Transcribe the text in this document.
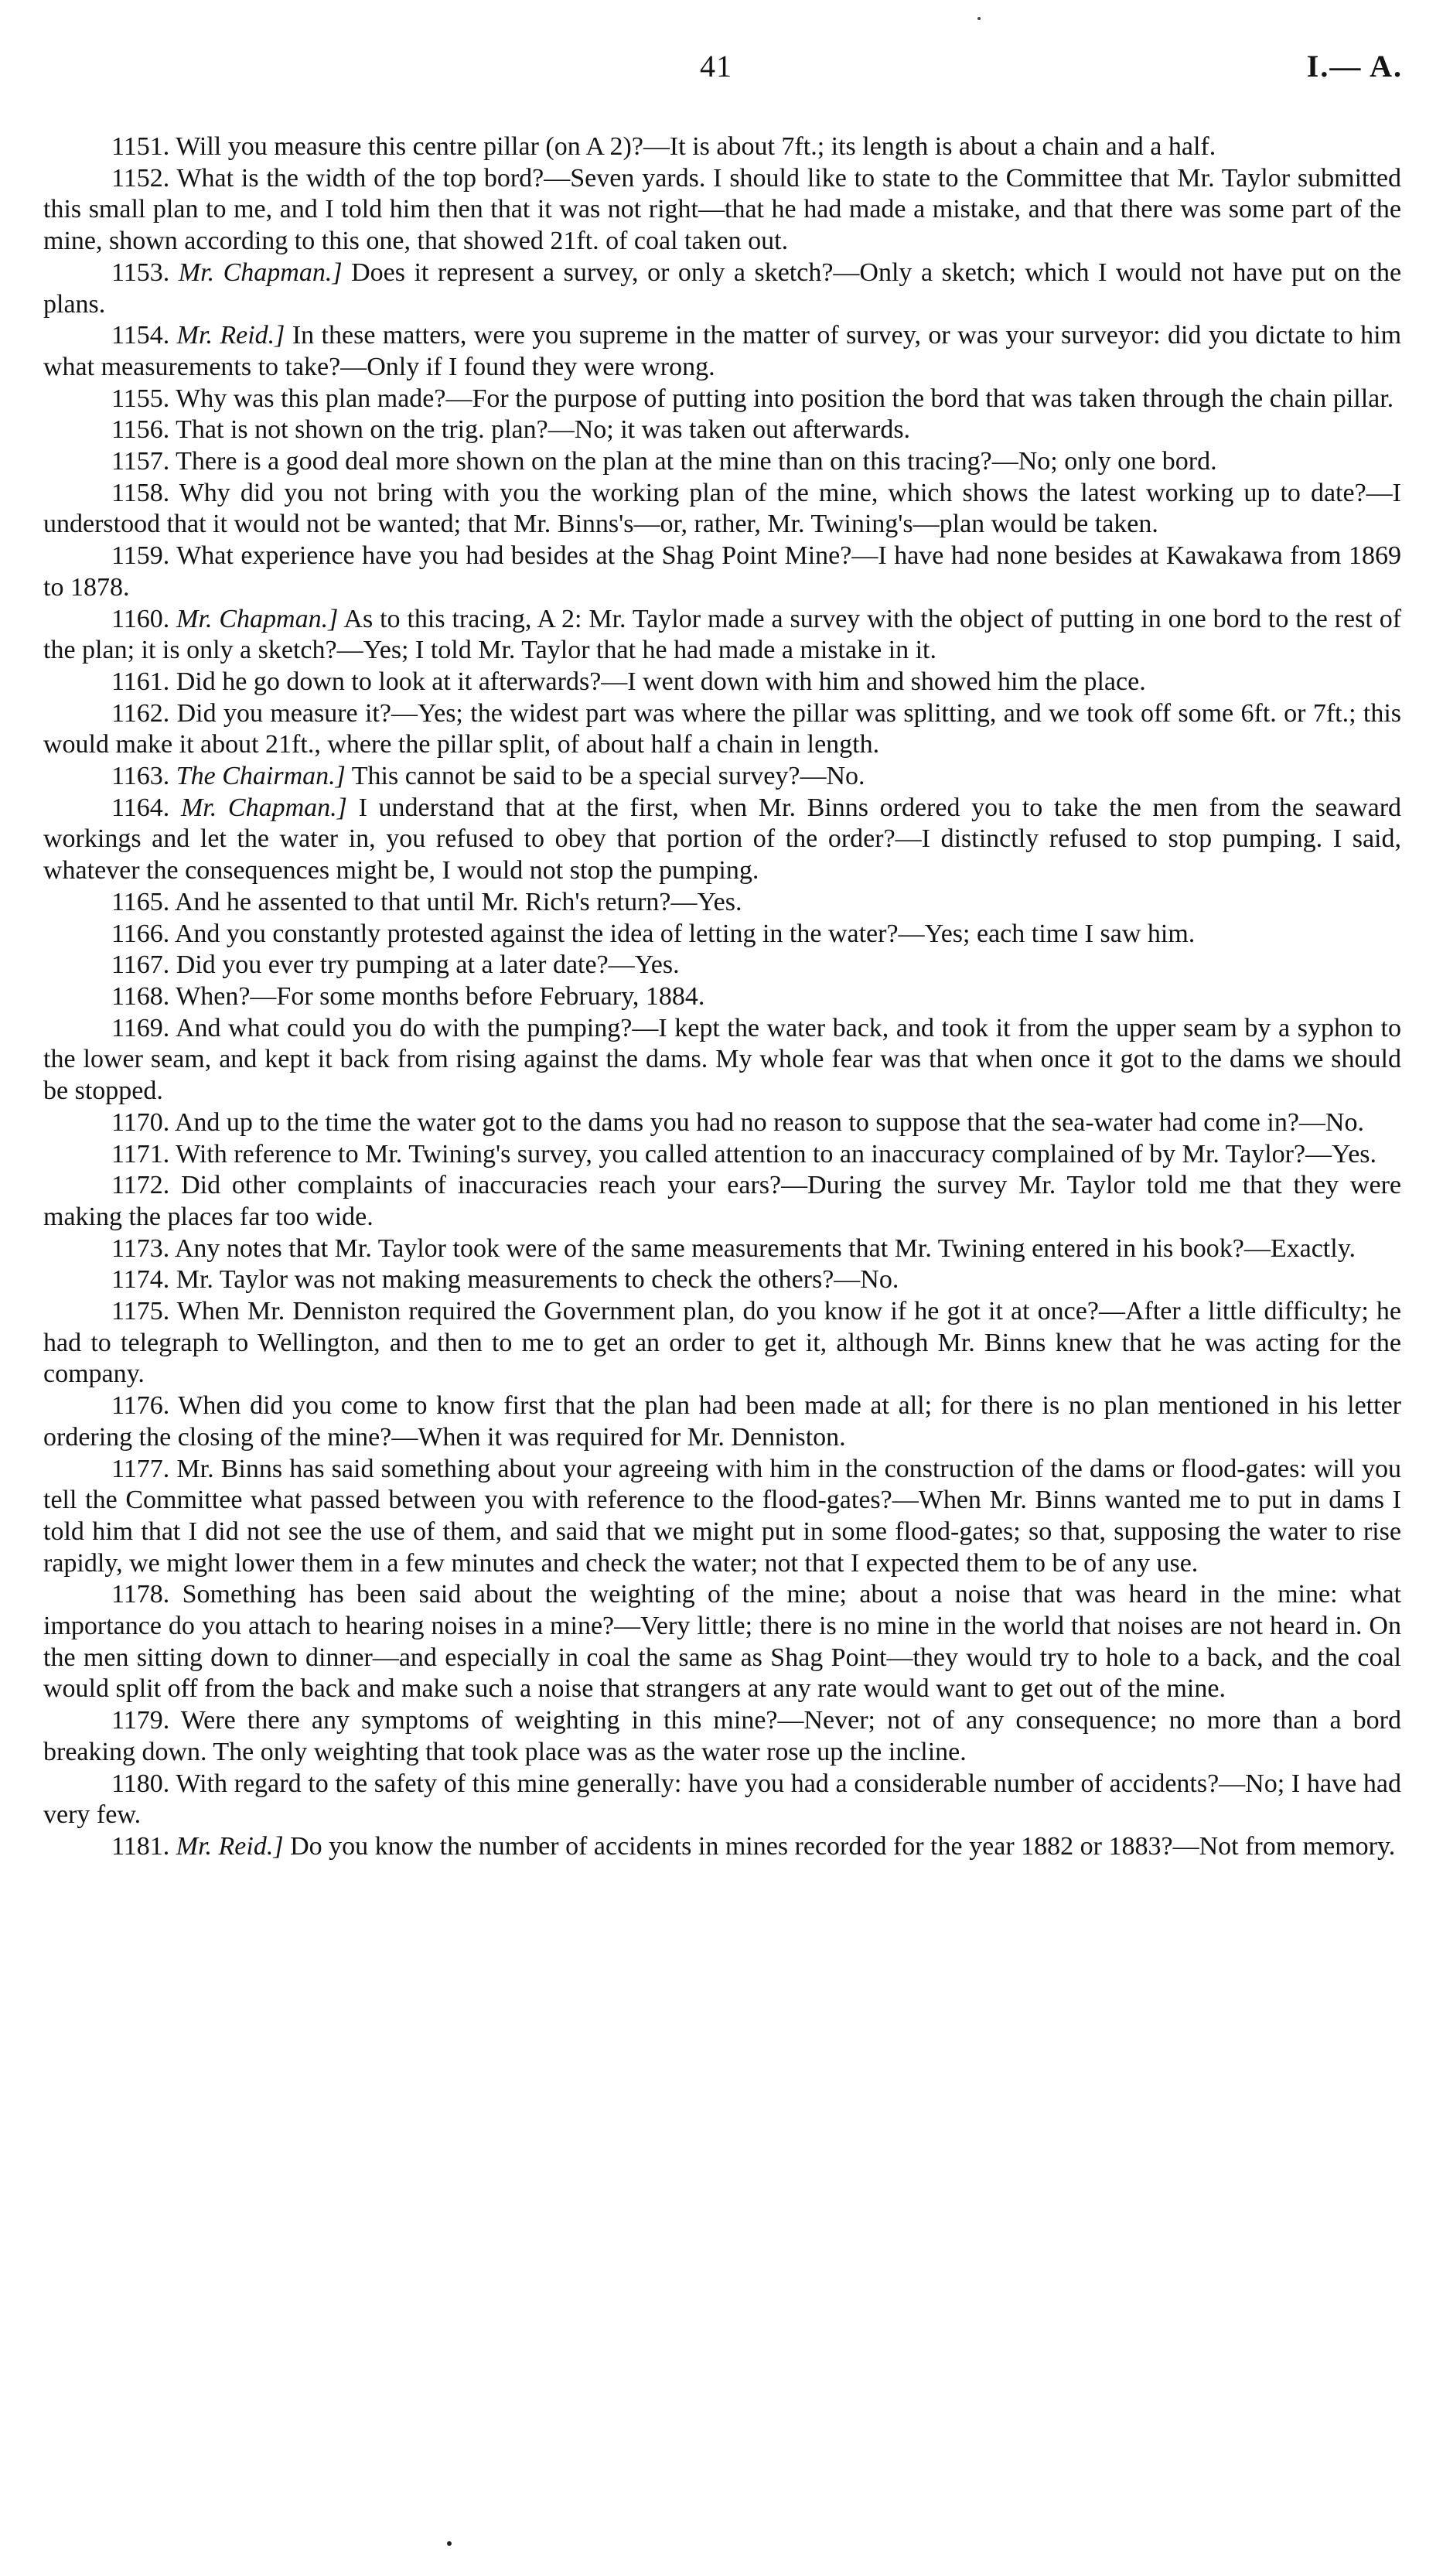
41	I.— A.

1151. Will you measure this centre pillar (on A 2)?—It is about 7ft.; its length is about a chain and a half.

1152. What is the width of the top bord?—Seven yards. I should like to state to the Committee that Mr. Taylor submitted this small plan to me, and I told him then that it was not right—that he had made a mistake, and that there was some part of the mine, shown according to this one, that showed 21ft. of coal taken out.

1153. Mr. Chapman.] Does it represent a survey, or only a sketch?—Only a sketch; which I would not have put on the plans.

1154. Mr. Reid.] In these matters, were you supreme in the matter of survey, or was your surveyor: did you dictate to him what measurements to take?—Only if I found they were wrong.

1155. Why was this plan made?—For the purpose of putting into position the bord that was taken through the chain pillar.

1156. That is not shown on the trig. plan?—No; it was taken out afterwards.

1157. There is a good deal more shown on the plan at the mine than on this tracing?—No; only one bord.

1158. Why did you not bring with you the working plan of the mine, which shows the latest working up to date?—I understood that it would not be wanted; that Mr. Binns's—or, rather, Mr. Twining's—plan would be taken.

1159. What experience have you had besides at the Shag Point Mine?—I have had none besides at Kawakawa from 1869 to 1878.

1160. Mr. Chapman.] As to this tracing, A 2: Mr. Taylor made a survey with the object of putting in one bord to the rest of the plan; it is only a sketch?—Yes; I told Mr. Taylor that he had made a mistake in it.

1161. Did he go down to look at it afterwards?—I went down with him and showed him the place.

1162. Did you measure it?—Yes; the widest part was where the pillar was splitting, and we took off some 6ft. or 7ft.; this would make it about 21ft., where the pillar split, of about half a chain in length.

1163. The Chairman.] This cannot be said to be a special survey?—No.

1164. Mr. Chapman.] I understand that at the first, when Mr. Binns ordered you to take the men from the seaward workings and let the water in, you refused to obey that portion of the order?—I distinctly refused to stop pumping. I said, whatever the consequences might be, I would not stop the pumping.

1165. And he assented to that until Mr. Rich's return?—Yes.

1166. And you constantly protested against the idea of letting in the water?—Yes; each time I saw him.

1167. Did you ever try pumping at a later date?—Yes.

1168. When?—For some months before February, 1884.

1169. And what could you do with the pumping?—I kept the water back, and took it from the upper seam by a syphon to the lower seam, and kept it back from rising against the dams. My whole fear was that when once it got to the dams we should be stopped.

1170. And up to the time the water got to the dams you had no reason to suppose that the sea-water had come in?—No.

1171. With reference to Mr. Twining's survey, you called attention to an inaccuracy complained of by Mr. Taylor?—Yes.

1172. Did other complaints of inaccuracies reach your ears?—During the survey Mr. Taylor told me that they were making the places far too wide.

1173. Any notes that Mr. Taylor took were of the same measurements that Mr. Twining entered in his book?—Exactly.

1174. Mr. Taylor was not making measurements to check the others?—No.

1175. When Mr. Denniston required the Government plan, do you know if he got it at once?—After a little difficulty; he had to telegraph to Wellington, and then to me to get an order to get it, although Mr. Binns knew that he was acting for the company.

1176. When did you come to know first that the plan had been made at all; for there is no plan mentioned in his letter ordering the closing of the mine?—When it was required for Mr. Denniston.

1177. Mr. Binns has said something about your agreeing with him in the construction of the dams or flood-gates: will you tell the Committee what passed between you with reference to the flood-gates?—When Mr. Binns wanted me to put in dams I told him that I did not see the use of them, and said that we might put in some flood-gates; so that, supposing the water to rise rapidly, we might lower them in a few minutes and check the water; not that I expected them to be of any use.

1178. Something has been said about the weighting of the mine; about a noise that was heard in the mine: what importance do you attach to hearing noises in a mine?—Very little; there is no mine in the world that noises are not heard in. On the men sitting down to dinner—and especially in coal the same as Shag Point—they would try to hole to a back, and the coal would split off from the back and make such a noise that strangers at any rate would want to get out of the mine.

1179. Were there any symptoms of weighting in this mine?—Never; not of any consequence; no more than a bord breaking down. The only weighting that took place was as the water rose up the incline.

1180. With regard to the safety of this mine generally: have you had a considerable number of accidents?—No; I have had very few.

1181. Mr. Reid.] Do you know the number of accidents in mines recorded for the year 1882 or 1883?—Not from memory.
